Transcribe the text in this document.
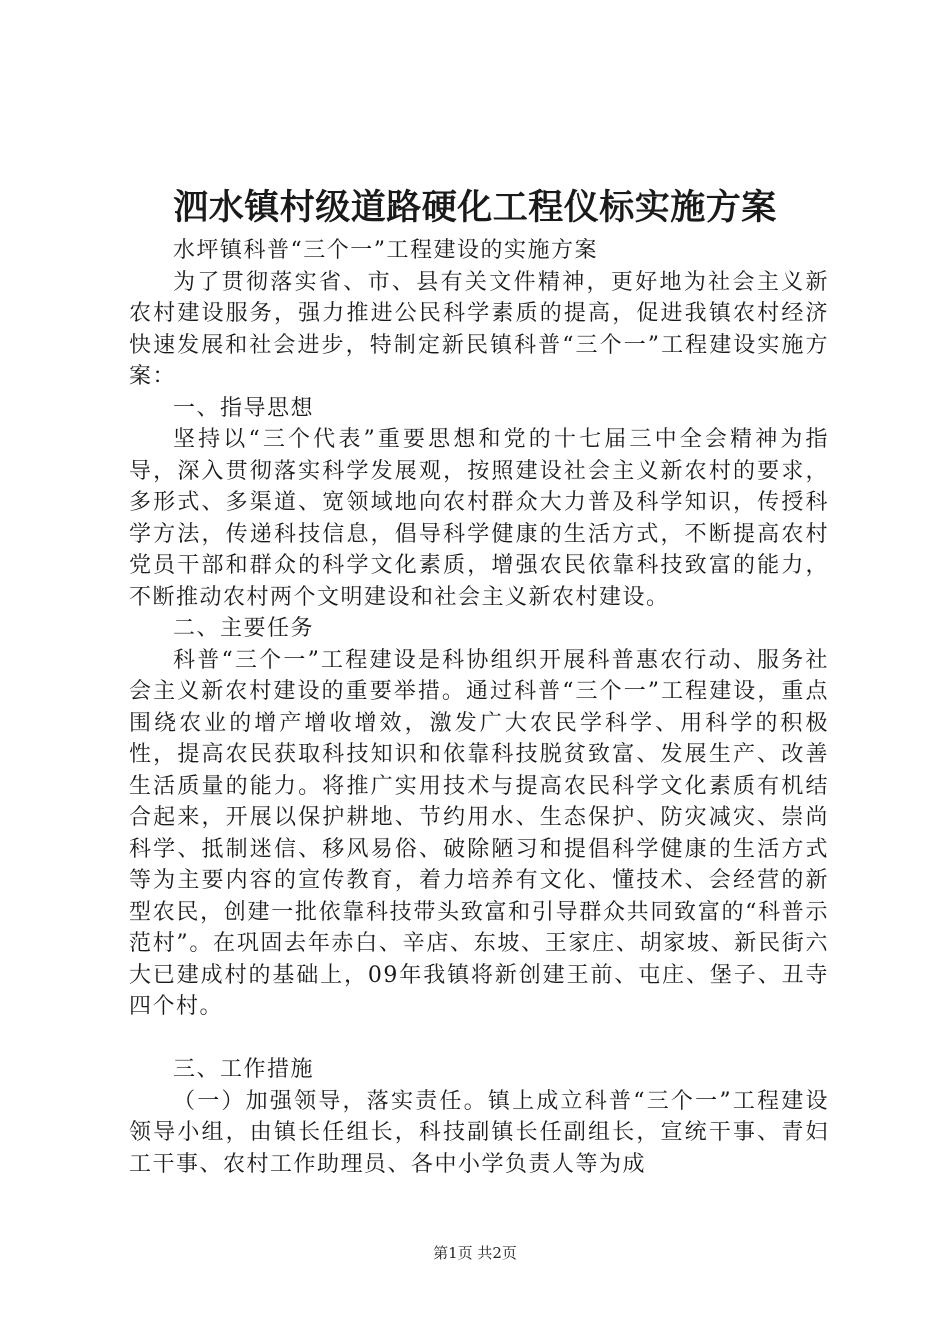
泗水镇村级道路硬化工程仪标实施方案

水坪镇科普“三个一”工程建设的实施方案

为了贯彻落实省、市、县有关文件精神，更好地为社会主义新农村建设服务，强力推进公民科学素质的提高，促进我镇农村经济快速发展和社会进步，特制定新民镇科普“三个一”工程建设实施方案：

一、指导思想

坚持以“三个代表”重要思想和党的十七届三中全会精神为指导，深入贯彻落实科学发展观，按照建设社会主义新农村的要求，多形式、多渠道、宽领域地向农村群众大力普及科学知识，传授科学方法，传递科技信息，倡导科学健康的生活方式，不断提高农村党员干部和群众的科学文化素质，增强农民依靠科技致富的能力，不断推动农村两个文明建设和社会主义新农村建设。

二、主要任务

科普“三个一”工程建设是科协组织开展科普惠农行动、服务社会主义新农村建设的重要举措。通过科普“三个一”工程建设，重点围绕农业的增产增收增效，激发广大农民学科学、用科学的积极性，提高农民获取科技知识和依靠科技脱贫致富、发展生产、改善生活质量的能力。将推广实用技术与提高农民科学文化素质有机结合起来，开展以保护耕地、节约用水、生态保护、防灾减灾、崇尚科学、抵制迷信、移风易俗、破除陋习和提倡科学健康的生活方式等为主要内容的宣传教育，着力培养有文化、懂技术、会经营的新型农民，创建一批依靠科技带头致富和引导群众共同致富的“科普示范村”。在巩固去年赤白、辛店、东坡、王家庄、胡家坡、新民街六大已建成村的基础上，09年我镇将新创建王前、屯庄、堡子、丑寺四个村。

三、工作措施

（一）加强领导，落实责任。镇上成立科普“三个一”工程建设领导小组，由镇长任组长，科技副镇长任副组长，宣统干事、青妇工干事、农村工作助理员、各中小学负责人等为成

第1页 共2页
